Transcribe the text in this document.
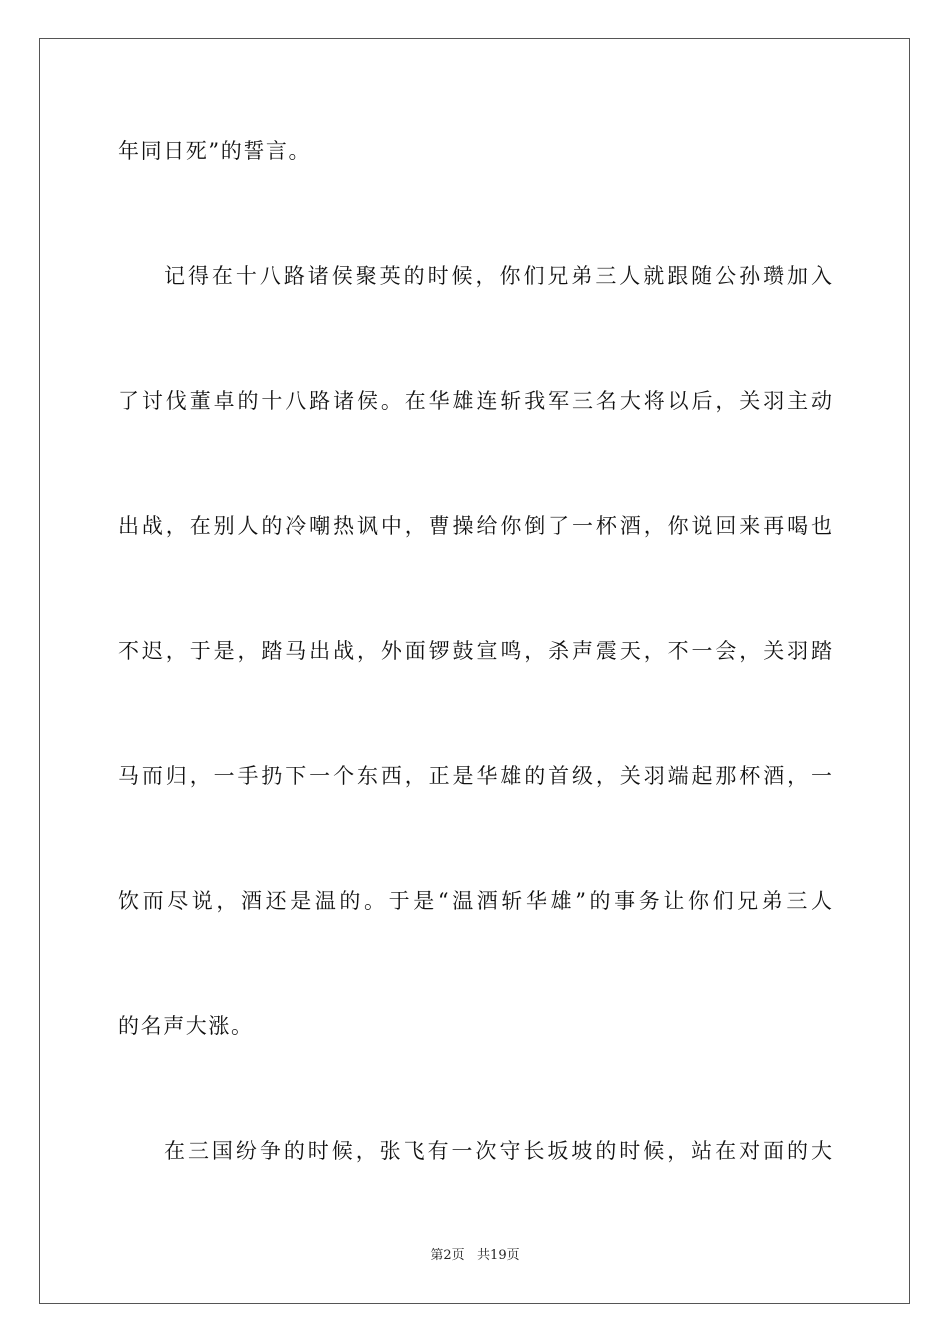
年同日死”的誓言。
记得在十八路诸侯聚英的时候，你们兄弟三人就跟随公孙瓒加入
了讨伐董卓的十八路诸侯。在华雄连斩我军三名大将以后，关羽主动
出战，在别人的冷嘲热讽中，曹操给你倒了一杯酒，你说回来再喝也
不迟，于是，踏马出战，外面锣鼓宣鸣，杀声震天，不一会，关羽踏
马而归，一手扔下一个东西，正是华雄的首级，关羽端起那杯酒，一
饮而尽说，酒还是温的。于是“温酒斩华雄”的事务让你们兄弟三人
的名声大涨。
在三国纷争的时候，张飞有一次守长坂坡的时候，站在对面的大
第2页   共19页
